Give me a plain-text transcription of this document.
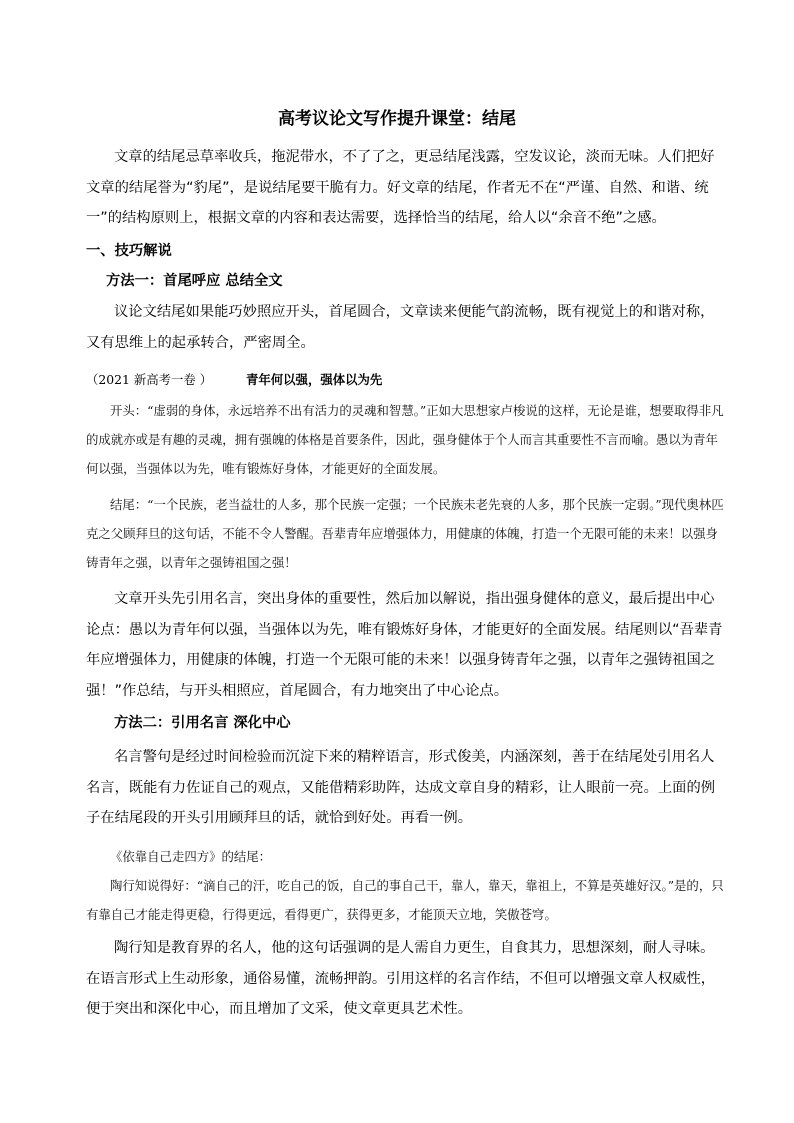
高考议论文写作提升课堂：结尾

文章的结尾忌草率收兵，拖泥带水，不了了之，更忌结尾浅露，空发议论，淡而无味。人们把好文章的结尾誉为“豹尾”，是说结尾要干脆有力。好文章的结尾，作者无不在“严谨、自然、和谐、统一”的结构原则上，根据文章的内容和表达需要，选择恰当的结尾，给人以“余音不绝”之感。

一、技巧解说
方法一：首尾呼应 总结全文

议论文结尾如果能巧妙照应开头，首尾圆合，文章读来便能气韵流畅，既有视觉上的和谐对称，又有思维上的起承转合，严密周全。

（2021 新高考一卷 ）	青年何以强，强体以为先

开头：“虚弱的身体，永远培养不出有活力的灵魂和智慧。”正如大思想家卢梭说的这样，无论是谁，想要取得非凡的成就亦或是有趣的灵魂，拥有强魄的体格是首要条件，因此，强身健体于个人而言其重要性不言而喻。愚以为青年何以强，当强体以为先，唯有锻炼好身体，才能更好的全面发展。

结尾：“一个民族，老当益壮的人多，那个民族一定强；一个民族未老先衰的人多，那个民族一定弱。”现代奥林匹克之父顾拜旦的这句话，不能不令人警醒。吾辈青年应增强体力，用健康的体魄，打造一个无限可能的未来！以强身铸青年之强，以青年之强铸祖国之强！

文章开头先引用名言，突出身体的重要性，然后加以解说，指出强身健体的意义，最后提出中心论点：愚以为青年何以强，当强体以为先，唯有锻炼好身体，才能更好的全面发展。结尾则以“吾辈青年应增强体力，用健康的体魄，打造一个无限可能的未来！以强身铸青年之强，以青年之强铸祖国之强！”作总结，与开头相照应，首尾圆合，有力地突出了中心论点。

方法二：引用名言 深化中心

名言警句是经过时间检验而沉淀下来的精粹语言，形式俊美，内涵深刻，善于在结尾处引用名人名言，既能有力佐证自己的观点，又能借精彩助阵，达成文章自身的精彩，让人眼前一亮。上面的例子在结尾段的开头引用顾拜旦的话，就恰到好处。再看一例。

《依靠自己走四方》的结尾：

陶行知说得好：“滴自己的汗，吃自己的饭，自己的事自己干，靠人，靠天，靠祖上，不算是英雄好汉。”是的，只有靠自己才能走得更稳，行得更远，看得更广，获得更多，才能顶天立地，笑傲苍穹。

陶行知是教育界的名人，他的这句话强调的是人需自力更生，自食其力，思想深刻，耐人寻味。在语言形式上生动形象，通俗易懂，流畅押韵。引用这样的名言作结，不但可以增强文章人权威性，便于突出和深化中心，而且增加了文采，使文章更具艺术性。
